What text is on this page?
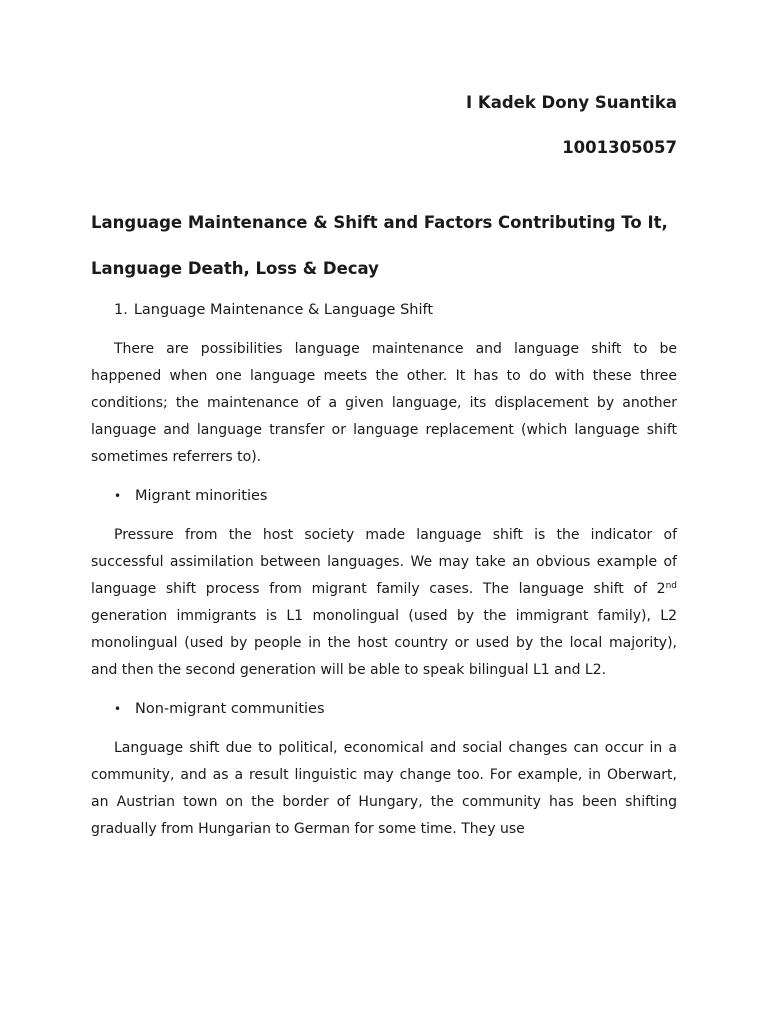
I Kadek Dony Suantika

1001305057

Language Maintenance & Shift and Factors Contributing To It,

Language Death, Loss & Decay

1. Language Maintenance & Language Shift

There are possibilities language maintenance and language shift to be happened when one language meets the other. It has to do with these three conditions; the maintenance of a given language, its displacement by another language and language transfer or language replacement (which language shift sometimes referrers to).

• Migrant minorities

Pressure from the host society made language shift is the indicator of successful assimilation between languages. We may take an obvious example of language shift process from migrant family cases. The language shift of 2nd generation immigrants is L1 monolingual (used by the immigrant family), L2 monolingual (used by people in the host country or used by the local majority), and then the second generation will be able to speak bilingual L1 and L2.

• Non-migrant communities

Language shift due to political, economical and social changes can occur in a community, and as a result linguistic may change too. For example, in Oberwart, an Austrian town on the border of Hungary, the community has been shifting gradually from Hungarian to German for some time. They use
